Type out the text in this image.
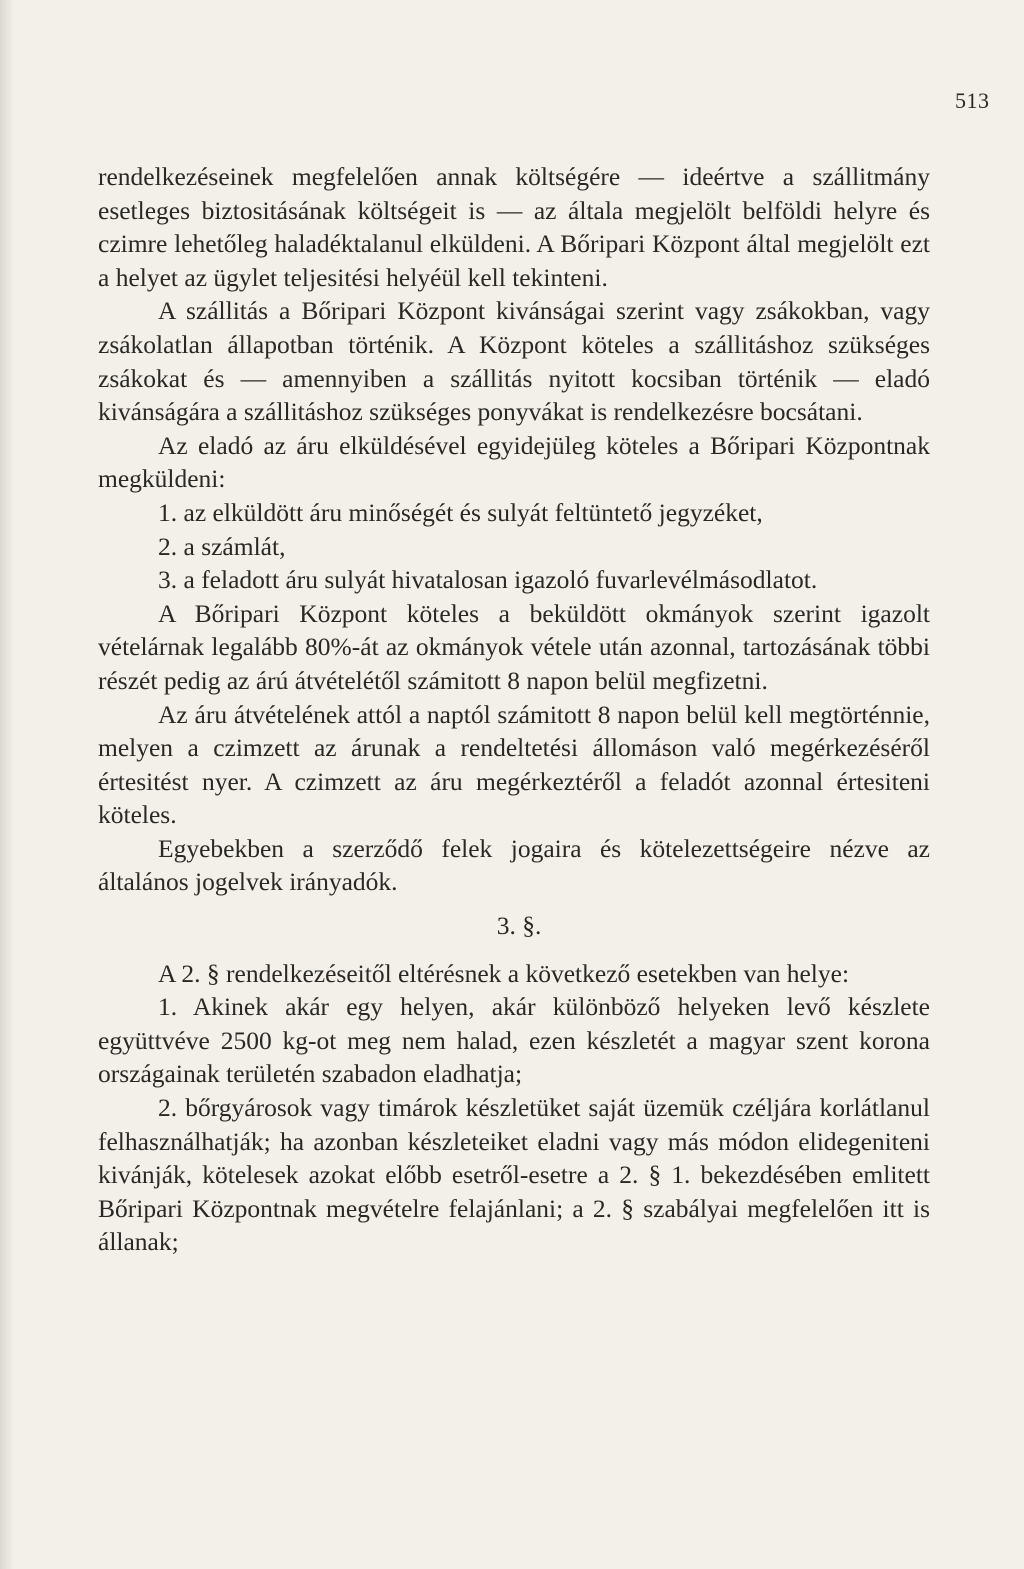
513

rendelkezéseinek megfelelően annak költségére — ideértve a szállitmány esetleges biztositásának költségeit is — az általa megjelölt belföldi helyre és czimre lehetőleg haladéktalanul elküldeni. A Bőripari Központ által megjelölt ezt a helyet az ügylet teljesitési helyéül kell tekinteni.

A szállitás a Bőripari Központ kivánságai szerint vagy zsákokban, vagy zsákolatlan állapotban történik. A Központ köteles a szállitáshoz szükséges zsákokat és — amennyiben a szállitás nyitott kocsiban történik — eladó kivánságára a szállitáshoz szükséges ponyvákat is rendelkezésre bocsátani.

Az eladó az áru elküldésével egyidejüleg köteles a Bőripari Központnak megküldeni:

1. az elküldött áru minőségét és sulyát feltüntető jegyzéket,

2. a számlát,

3. a feladott áru sulyát hivatalosan igazoló fuvarlevélmásodlatot.

A Bőripari Központ köteles a beküldött okmányok szerint igazolt vételárnak legalább 80%-át az okmányok vétele után azonnal, tartozásának többi részét pedig az árú átvételétől számitott 8 napon belül megfizetni.

Az áru átvételének attól a naptól számitott 8 napon belül kell megtörténnie, melyen a czimzett az árunak a rendeltetési állomáson való megérkezéséről értesitést nyer. A czimzett az áru megérkeztéről a feladót azonnal értesiteni köteles.

Egyebekben a szerződő felek jogaira és kötelezettségeire nézve az általános jogelvek irányadók.

3. §.

A 2. § rendelkezéseitől eltérésnek a következő esetekben van helye:

1. Akinek akár egy helyen, akár különböző helyeken levő készlete együttvéve 2500 kg-ot meg nem halad, ezen készletét a magyar szent korona országainak területén szabadon eladhatja;

2. bőrgyárosok vagy timárok készletüket saját üzemük czéljára korlátlanul felhasználhatják; ha azonban készleteiket eladni vagy más módon elidegeniteni kivánják, kötelesek azokat előbb esetről-esetre a 2. § 1. bekezdésében emlitett Bőripari Központnak megvételre felajánlani; a 2. § szabályai megfelelően itt is állanak;
